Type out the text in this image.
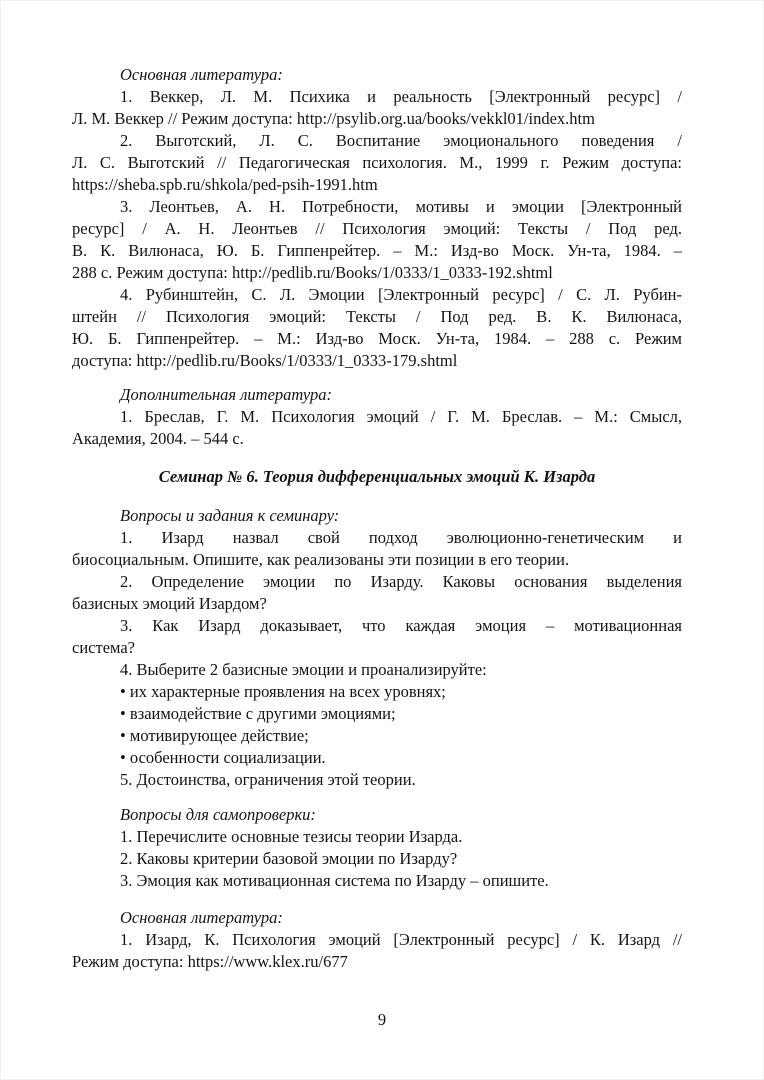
Основная литература:
1. Веккер, Л. М. Психика и реальность [Электронный ресурс] /
Л. М. Веккер // Режим доступа: http://psylib.org.ua/books/vekkl01/index.htm
2. Выготский, Л. С. Воспитание эмоционального поведения /
Л. С. Выготский // Педагогическая психология. М., 1999 г. Режим доступа:
https://sheba.spb.ru/shkola/ped-psih-1991.htm
3. Леонтьев, А. Н. Потребности, мотивы и эмоции [Электронный
ресурс] / А. Н. Леонтьев // Психология эмоций: Тексты / Под ред.
В. К. Вилюнаса, Ю. Б. Гиппенрейтер. – М.: Изд-во Моск. Ун-та, 1984. –
288 с. Режим доступа: http://pedlib.ru/Books/1/0333/1_0333-192.shtml
4. Рубинштейн, С. Л. Эмоции [Электронный ресурс] / С. Л. Рубин-
штейн // Психология эмоций: Тексты / Под ред. В. К. Вилюнаса,
Ю. Б. Гиппенрейтер. – М.: Изд-во Моск. Ун-та, 1984. – 288 с. Режим
доступа: http://pedlib.ru/Books/1/0333/1_0333-179.shtml
Дополнительная литература:
1. Бреслав, Г. М. Психология эмоций / Г. М. Бреслав. – М.: Смысл,
Академия, 2004. – 544 с.
Семинар № 6. Теория дифференциальных эмоций К. Изарда
Вопросы и задания к семинару:
1. Изард назвал свой подход эволюционно-генетическим и
биосоциальным. Опишите, как реализованы эти позиции в его теории.
2. Определение эмоции по Изарду. Каковы основания выделения
базисных эмоций Изардом?
3. Как Изард доказывает, что каждая эмоция – мотивационная
система?
4. Выберите 2 базисные эмоции и проанализируйте:
• их характерные проявления на всех уровнях;
• взаимодействие с другими эмоциями;
• мотивирующее действие;
• особенности социализации.
5. Достоинства, ограничения этой теории.
Вопросы для самопроверки:
1. Перечислите основные тезисы теории Изарда.
2. Каковы критерии базовой эмоции по Изарду?
3. Эмоция как мотивационная система по Изарду – опишите.
Основная литература:
1. Изард, К. Психология эмоций [Электронный ресурс] / К. Изард //
Режим доступа: https://www.klex.ru/677
9
